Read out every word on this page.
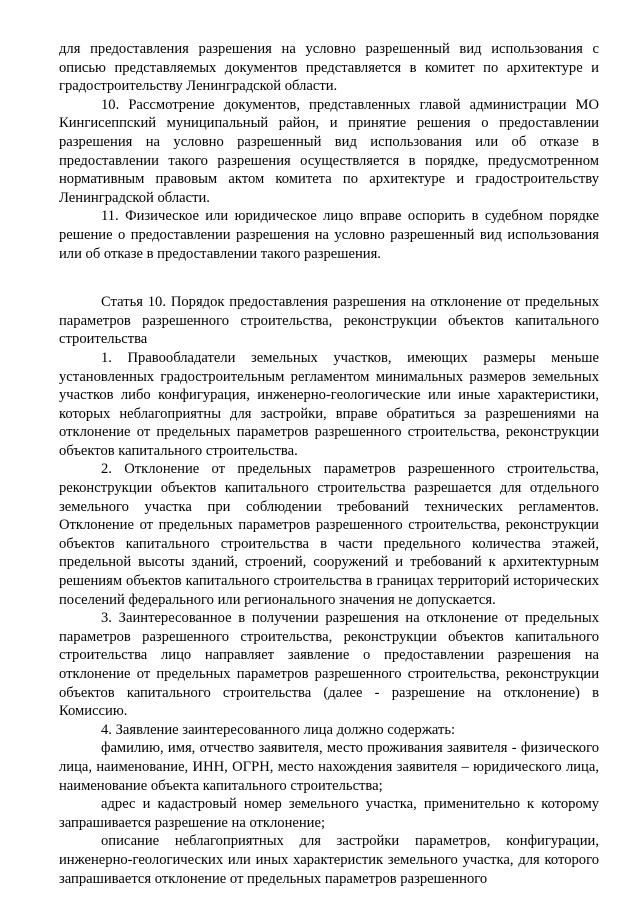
для предоставления разрешения на условно разрешенный вид использования с описью представляемых документов представляется в комитет по архитектуре и градостроительству Ленинградской области.

10. Рассмотрение документов, представленных главой администрации МО Кингисеппский муниципальный район, и принятие решения о предоставлении разрешения на условно разрешенный вид использования или об отказе в предоставлении такого разрешения осуществляется в порядке, предусмотренном нормативным правовым актом комитета по архитектуре и градостроительству Ленинградской области.

11. Физическое или юридическое лицо вправе оспорить в судебном порядке решение о предоставлении разрешения на условно разрешенный вид использования или об отказе в предоставлении такого разрешения.

Статья 10. Порядок предоставления разрешения на отклонение от предельных параметров разрешенного строительства, реконструкции объектов капитального строительства

1. Правообладатели земельных участков, имеющих размеры меньше установленных градостроительным регламентом минимальных размеров земельных участков либо конфигурация, инженерно-геологические или иные характеристики, которых неблагоприятны для застройки, вправе обратиться за разрешениями на отклонение от предельных параметров разрешенного строительства, реконструкции объектов капитального строительства.

2. Отклонение от предельных параметров разрешенного строительства, реконструкции объектов капитального строительства разрешается для отдельного земельного участка при соблюдении требований технических регламентов. Отклонение от предельных параметров разрешенного строительства, реконструкции объектов капитального строительства в части предельного количества этажей, предельной высоты зданий, строений, сооружений и требований к архитектурным решениям объектов капитального строительства в границах территорий исторических поселений федерального или регионального значения не допускается.

3. Заинтересованное в получении разрешения на отклонение от предельных параметров разрешенного строительства, реконструкции объектов капитального строительства лицо направляет заявление о предоставлении разрешения на отклонение от предельных параметров разрешенного строительства, реконструкции объектов капитального строительства (далее - разрешение на отклонение) в Комиссию.

4. Заявление заинтересованного лица должно содержать:

фамилию, имя, отчество заявителя, место проживания заявителя - физического лица, наименование, ИНН, ОГРН, место нахождения заявителя – юридического лица, наименование объекта капитального строительства;

адрес и кадастровый номер земельного участка, применительно к которому запрашивается разрешение на отклонение;

описание неблагоприятных для застройки параметров, конфигурации, инженерно-геологических или иных характеристик земельного участка, для которого запрашивается отклонение от предельных параметров разрешенного
